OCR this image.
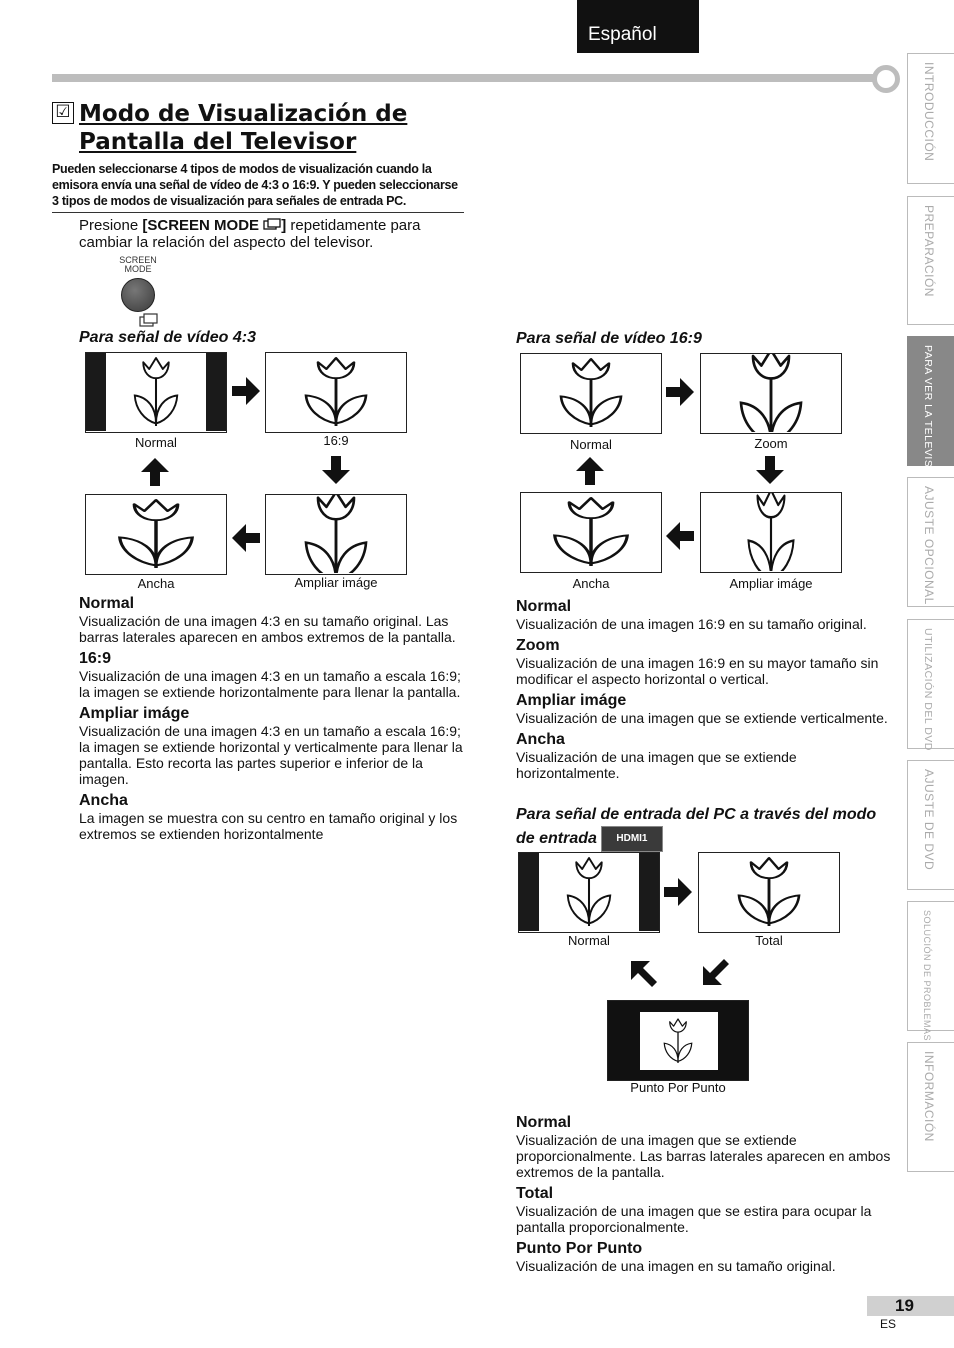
Español
☑ Modo de Visualización de
Pantalla del Televisor
Pueden seleccionarse 4 tipos de modos de visualización cuando la emisora envía una señal de vídeo de 4:3 o 16:9. Y pueden seleccionarse 3 tipos de modos de visualización para señales de entrada PC.
Presione [SCREEN MODE ] repetidamente para cambiar la relación del aspecto del televisor.
SCREEN MODE
Para señal de vídeo 4:3
Normal	16:9
Ancha	Ampliar imáge
Normal

Visualización de una imagen 4:3 en su tamaño original. Las barras laterales aparecen en ambos extremos de la pantalla.

16:9

Visualización de una imagen 4:3 en un tamaño a escala 16:9; la imagen se extiende horizontalmente para llenar la pantalla.

Ampliar imáge

Visualización de una imagen 4:3 en un tamaño a escala 16:9; la imagen se extiende horizontal y verticalmente para llenar la pantalla. Esto recorta las partes superior e inferior de la imagen.

Ancha

La imagen se muestra con su centro en tamaño original y los extremos se extienden horizontalmente

Para señal de vídeo 16:9
Normal	Zoom
Ancha	Ampliar imáge
Normal

Visualización de una imagen 16:9 en su tamaño original.

Zoom

Visualización de una imagen 16:9 en su mayor tamaño sin modificar el aspecto horizontal o vertical.

Ampliar imáge

Visualización de una imagen que se extiende verticalmente.

Ancha

Visualización de una imagen que se extiende horizontalmente.

Para señal de entrada del PC a través del modo
de entrada HDMI1
Normal	Total
Punto Por Punto
Normal

Visualización de una imagen que se extiende proporcionalmente. Las barras laterales aparecen en ambos extremos de la pantalla.

Total

Visualización de una imagen que se estira para ocupar la pantalla proporcionalmente.

Punto Por Punto

Visualización de una imagen en su tamaño original.

INTRODUCCIÓN
PREPARACIÓN
PARA VER LA TELEVISIÓN
AJUSTE OPCIONAL
UTILIZACIÓN DEL DVD
AJUSTE DE DVD
SOLUCIÓN DE PROBLEMAS
INFORMACIÓN
19
ES
